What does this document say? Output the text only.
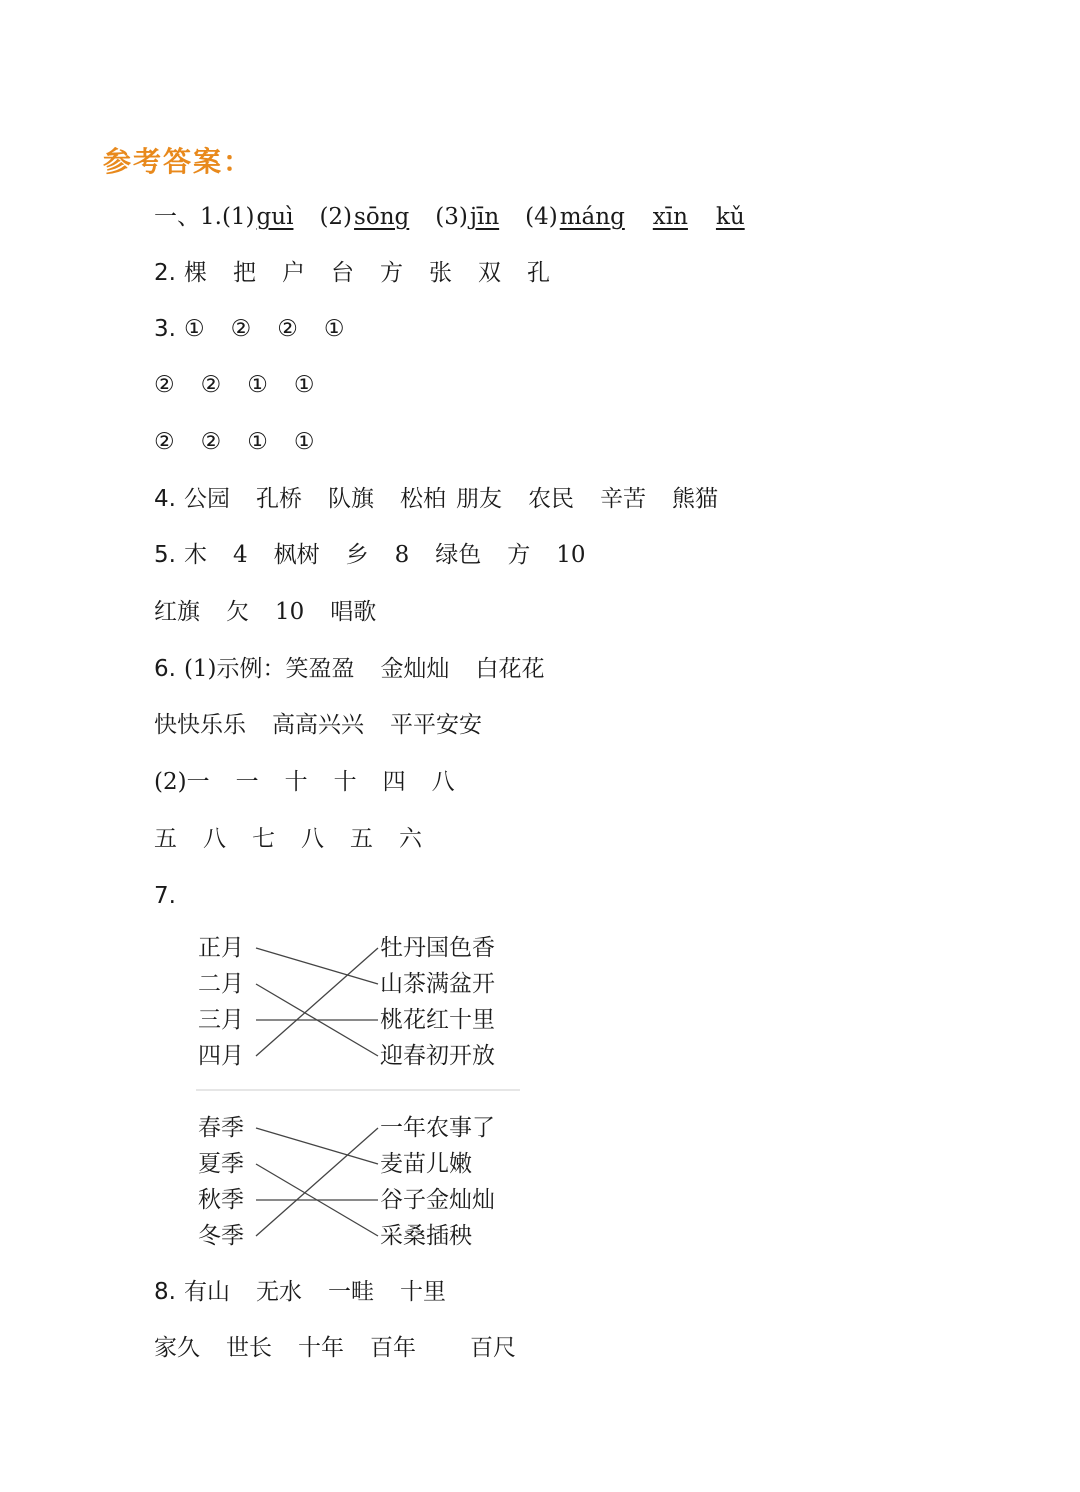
参考答案：
一、1.(1)guì (2)sōng (3)jīn (4)máng xīn kǔ
2. 棵 把 户 台 方 张 双 孔
3. ① ② ② ①
② ② ① ①
② ② ① ①
4. 公园 孔桥 队旗 松柏 朋友 农民 辛苦 熊猫
5. 木 4 枫树 乡 8 绿色 方 10
红旗 欠 10 唱歌
6. (1)示例：笑盈盈 金灿灿 白花花
快快乐乐 高高兴兴 平平安安
(2)一 一 十 十 四 八
五 八 七 八 五 六
7.
正月
二月
三月
四月
牡丹国色香
山茶满盆开
桃花红十里
迎春初开放
春季
夏季
秋季
冬季
一年农事了
麦苗儿嫩
谷子金灿灿
采桑插秧
8. 有山 无水 一畦 十里
家久 世长 十年 百年 百尺
